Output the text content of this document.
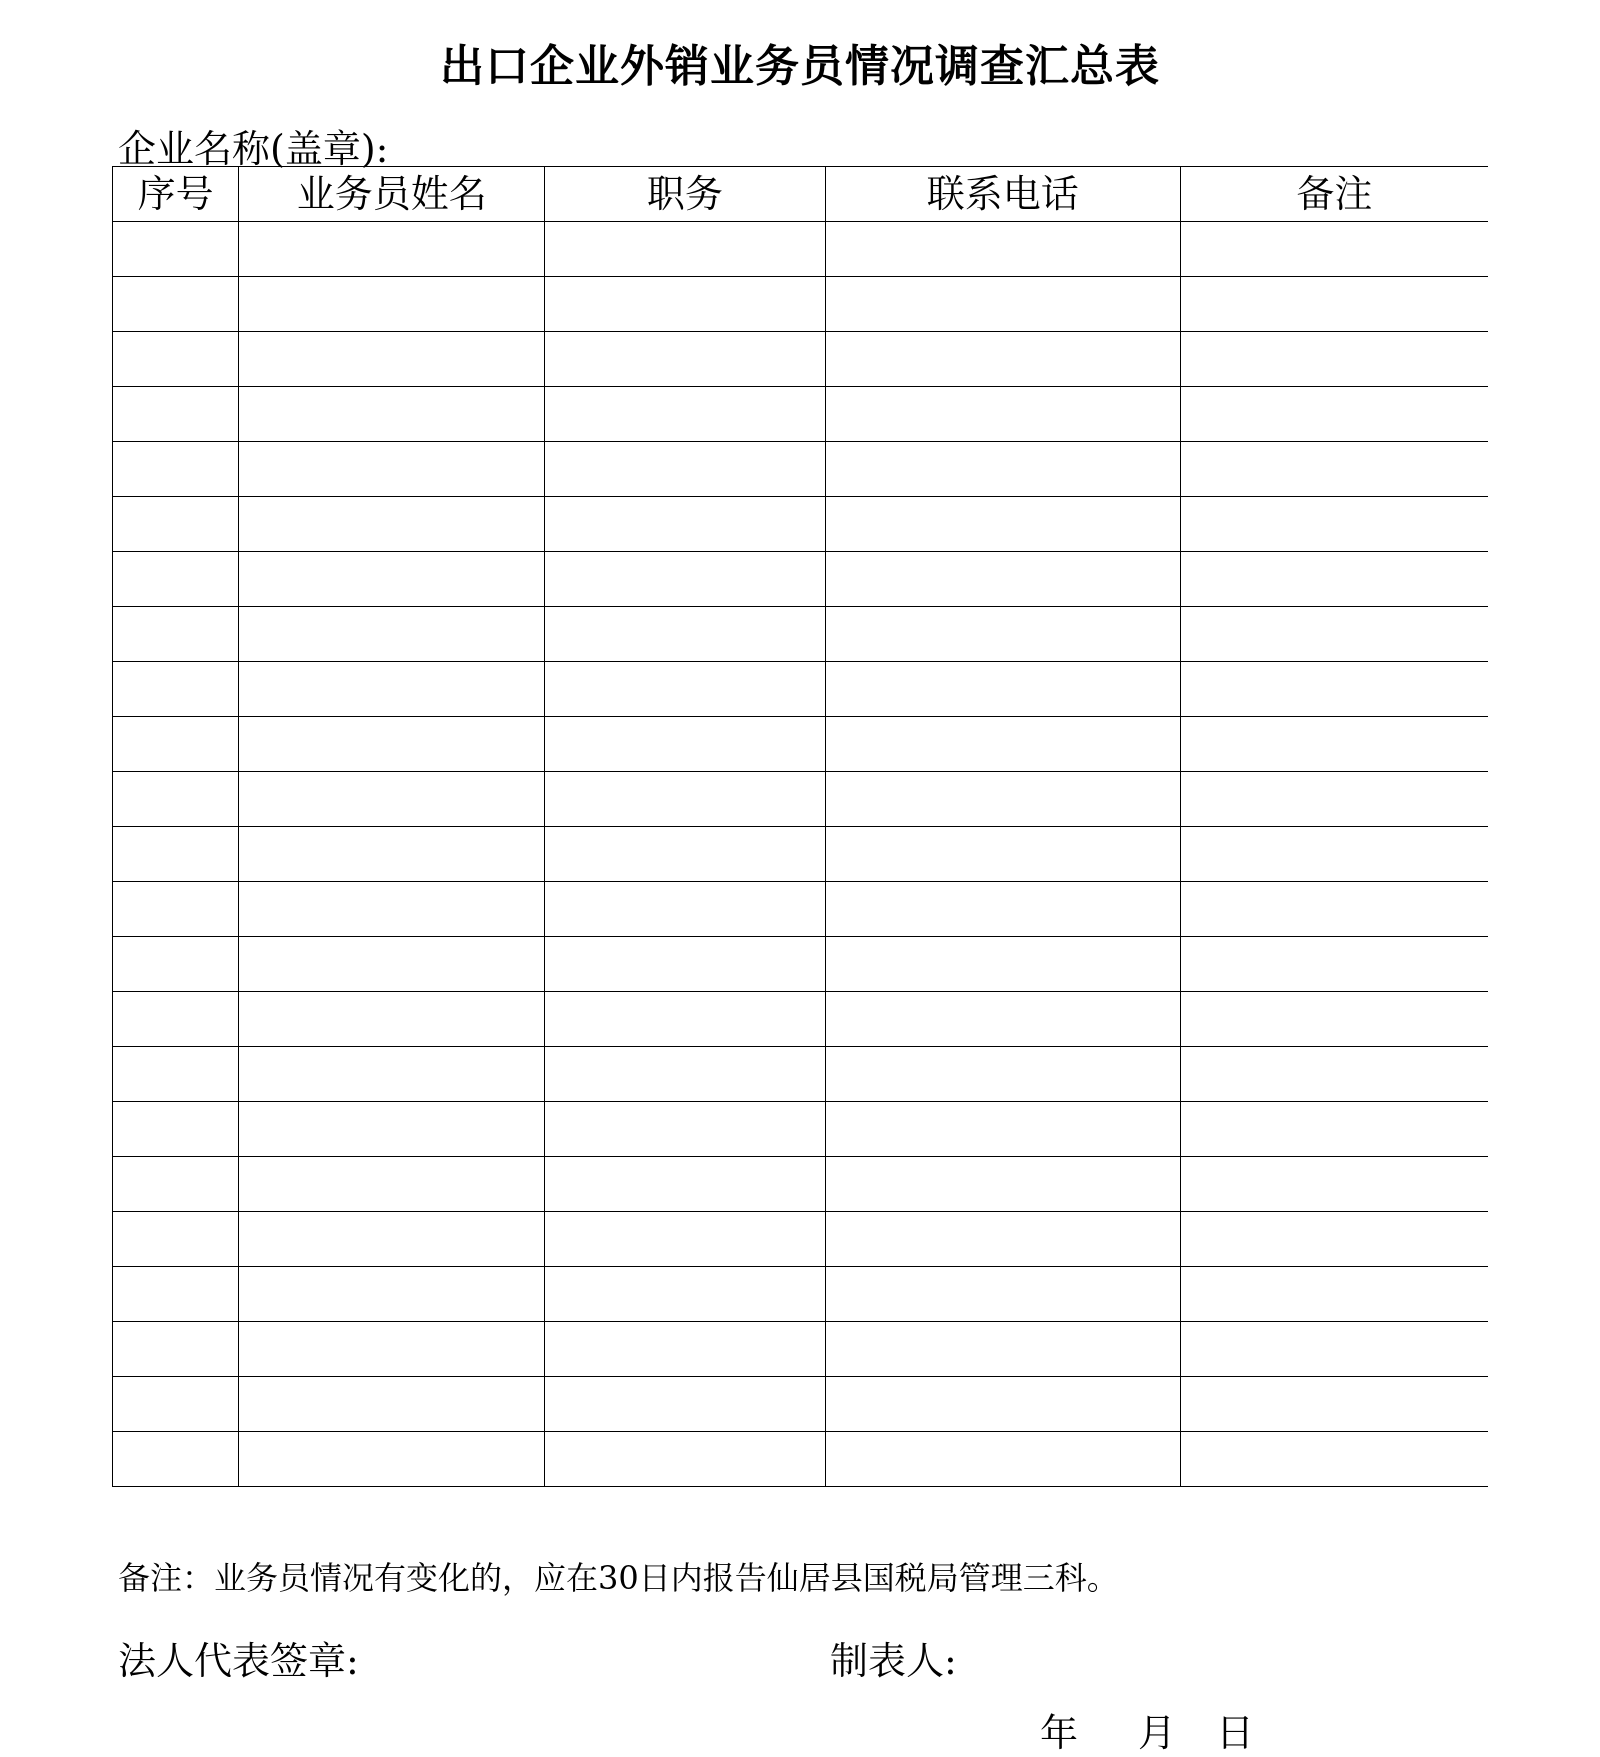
出口企业外销业务员情况调查汇总表
企业名称(盖章):
序号	业务员姓名	职务	联系电话	备注

备注：业务员情况有变化的，应在30日内报告仙居县国税局管理三科。
法人代表签章:	制表人:
年 月 日
